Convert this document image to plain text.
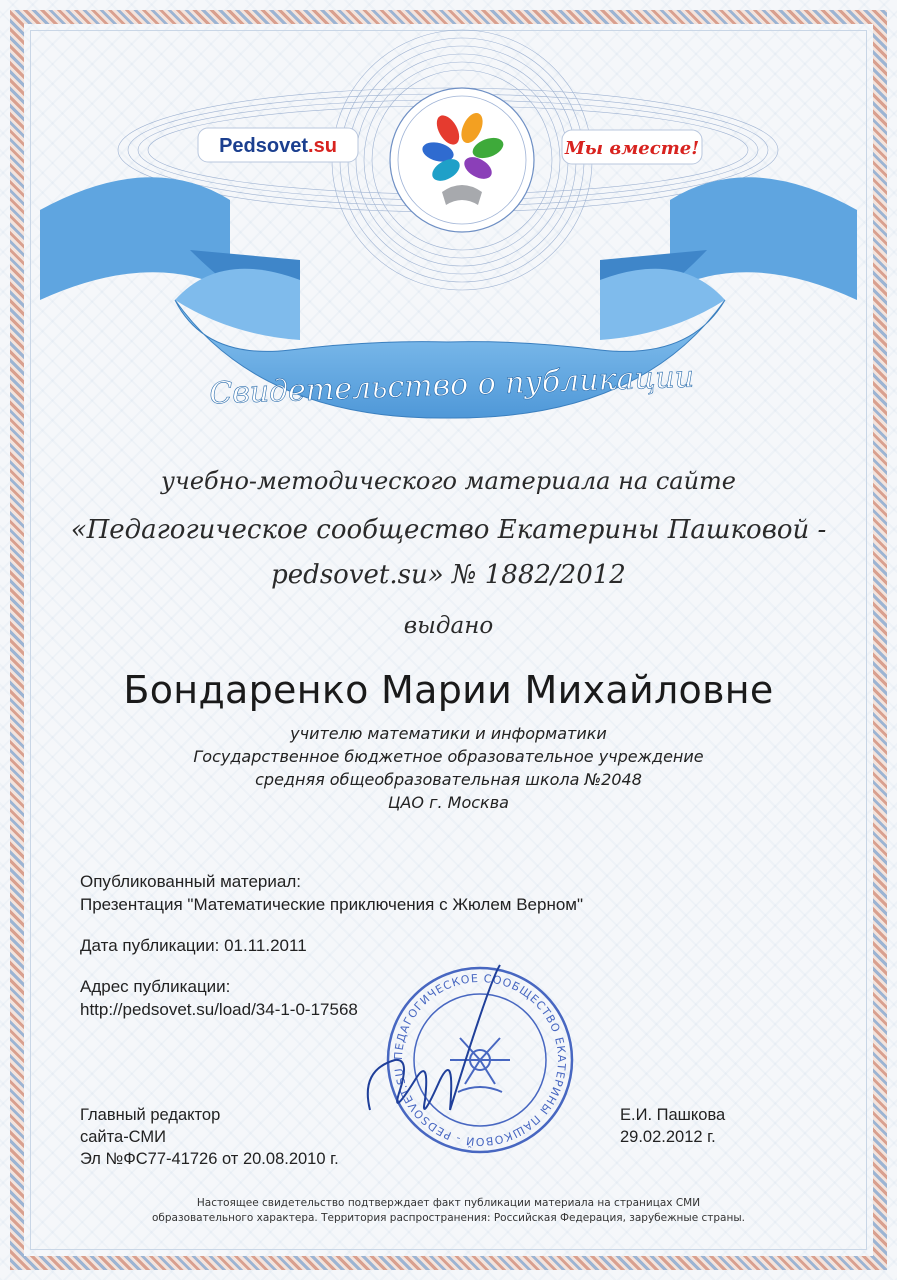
Pedsovet.su	Мы вместе!
Свидетельство о публикации
учебно-методического материала на сайте
«Педагогическое сообщество Екатерины Пашковой -
pedsovet.su» № 1882/2012
выдано
Бондаренко Марии Михайловне
учителю математики и информатики
Государственное бюджетное образовательное учреждение
средняя общеобразовательная школа №2048
ЦАО г. Москва
Опубликованный материал:
Презентация "Математические приключения с Жюлем Верном"
Дата публикации: 01.11.2011
Адрес публикации:
http://pedsovet.su/load/34-1-0-17568
ПЕДАГОГИЧЕСКОЕ СООБЩЕСТВО ЕКАТЕРИНЫ ПАШКОВОЙ - PEDSOVET.SU
Главный редактор
сайта-СМИ
Эл №ФС77-41726 от 20.08.2010 г.
Е.И. Пашкова
29.02.2012 г.
Настоящее свидетельство подтверждает факт публикации материала на страницах СМИ
образовательного характера. Территория распространения: Российская Федерация, зарубежные страны.
